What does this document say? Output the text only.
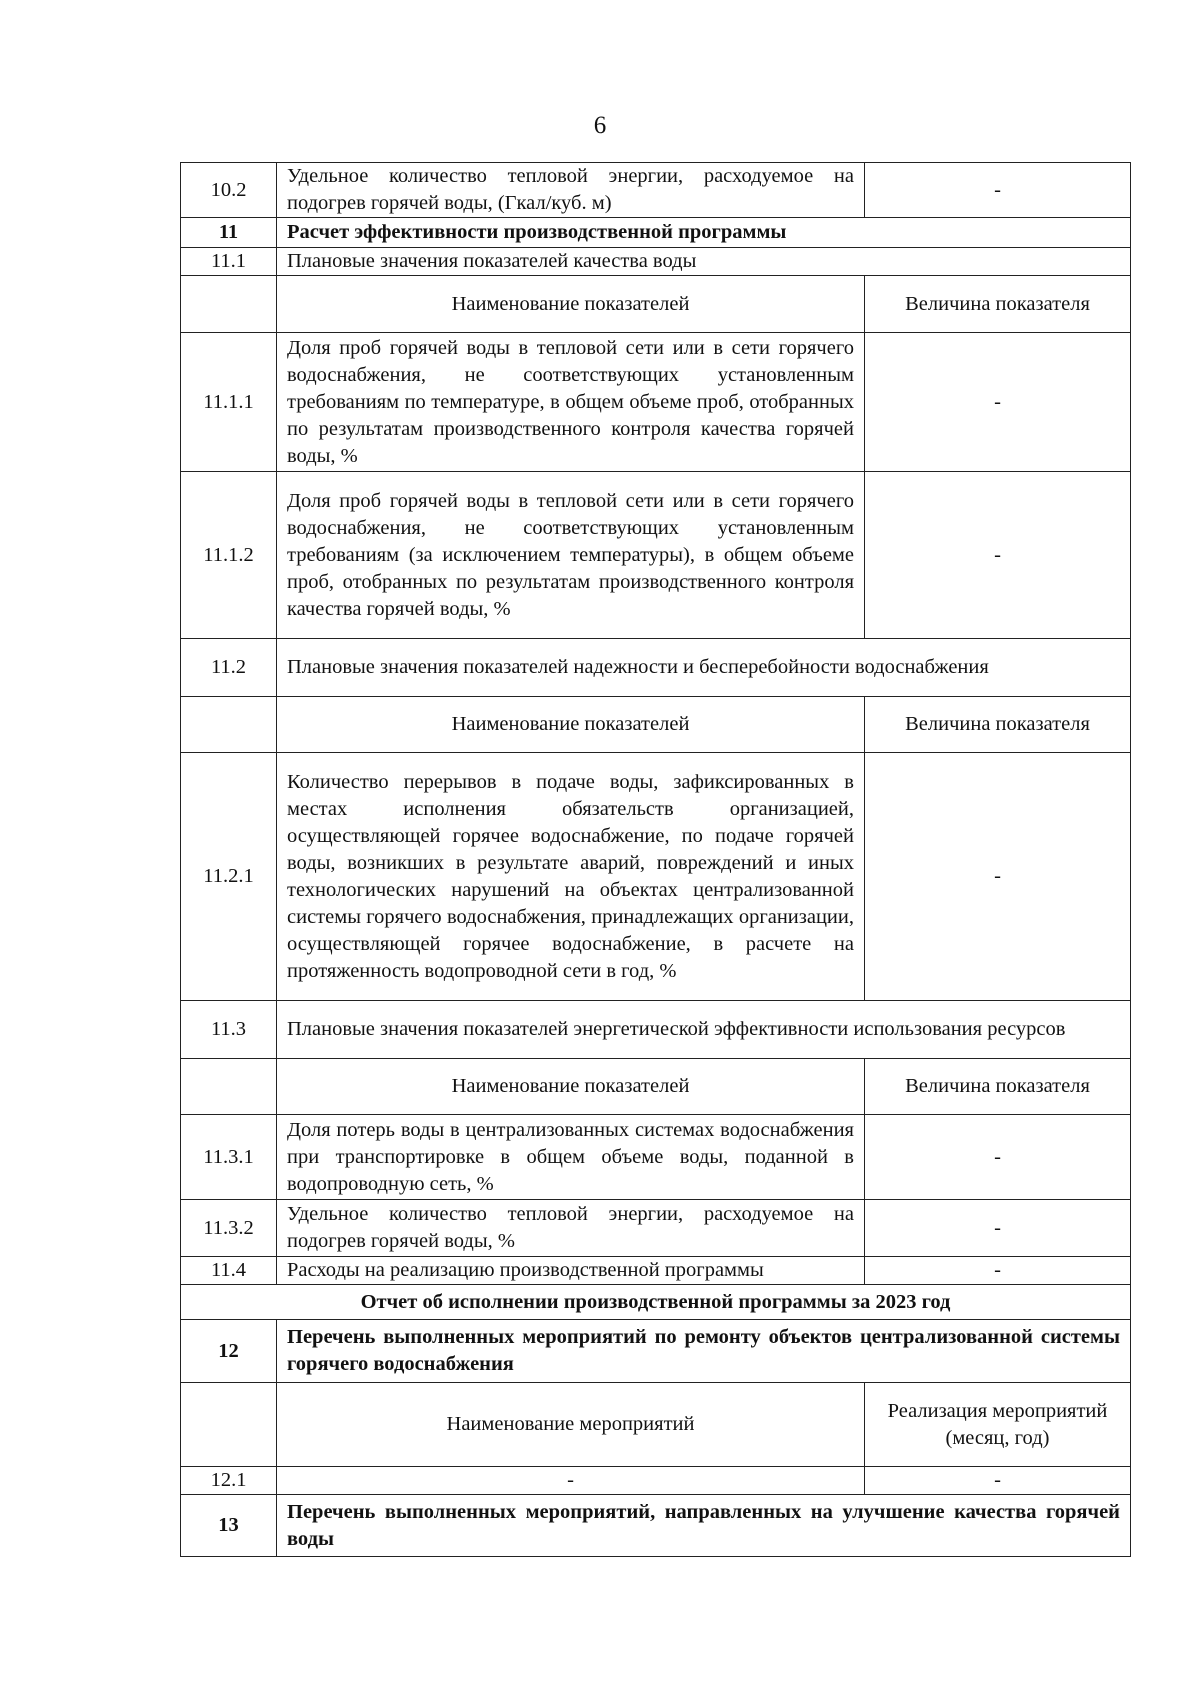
6
10.2	Удельное количество тепловой энергии, расходуемое на подогрев горячей воды, (Гкал/куб. м)	-
11	Расчет эффективности производственной программы	
11.1	Плановые значения показателей качества воды	
	Наименование показателей	Величина показателя
11.1.1	Доля проб горячей воды в тепловой сети или в сети горячего водоснабжения, не соответствующих установленным требованиям по температуре, в общем объеме проб, отобранных по результатам производственного контроля качества горячей воды, %	-
11.1.2	Доля проб горячей воды в тепловой сети или в сети горячего водоснабжения, не соответствующих установленным требованиям (за исключением температуры), в общем объеме проб, отобранных по результатам производственного контроля качества горячей воды, %	-
11.2	Плановые значения показателей надежности и бесперебойности водоснабжения	
	Наименование показателей	Величина показателя
11.2.1	Количество перерывов в подаче воды, зафиксированных в местах исполнения обязательств организацией, осуществляющей горячее водоснабжение, по подаче горячей воды, возникших в результате аварий, повреждений и иных технологических нарушений на объектах централизованной системы горячего водоснабжения, принадлежащих организации, осуществляющей горячее водоснабжение, в расчете на протяженность водопроводной сети в год, %	-
11.3	Плановые значения показателей энергетической эффективности использования ресурсов	
	Наименование показателей	Величина показателя
11.3.1	Доля потерь воды в централизованных системах водоснабжения при транспортировке в общем объеме воды, поданной в водопроводную сеть, %	-
11.3.2	Удельное количество тепловой энергии, расходуемое на подогрев горячей воды, %	-
11.4	Расходы на реализацию производственной программы	-
Отчет об исполнении производственной программы за 2023 год		
12	Перечень выполненных мероприятий по ремонту объектов централизованной системы горячего водоснабжения	
	Наименование мероприятий	Реализация мероприятий (месяц, год)
12.1	-	-
13	Перечень выполненных мероприятий, направленных на улучшение качества горячей воды	
